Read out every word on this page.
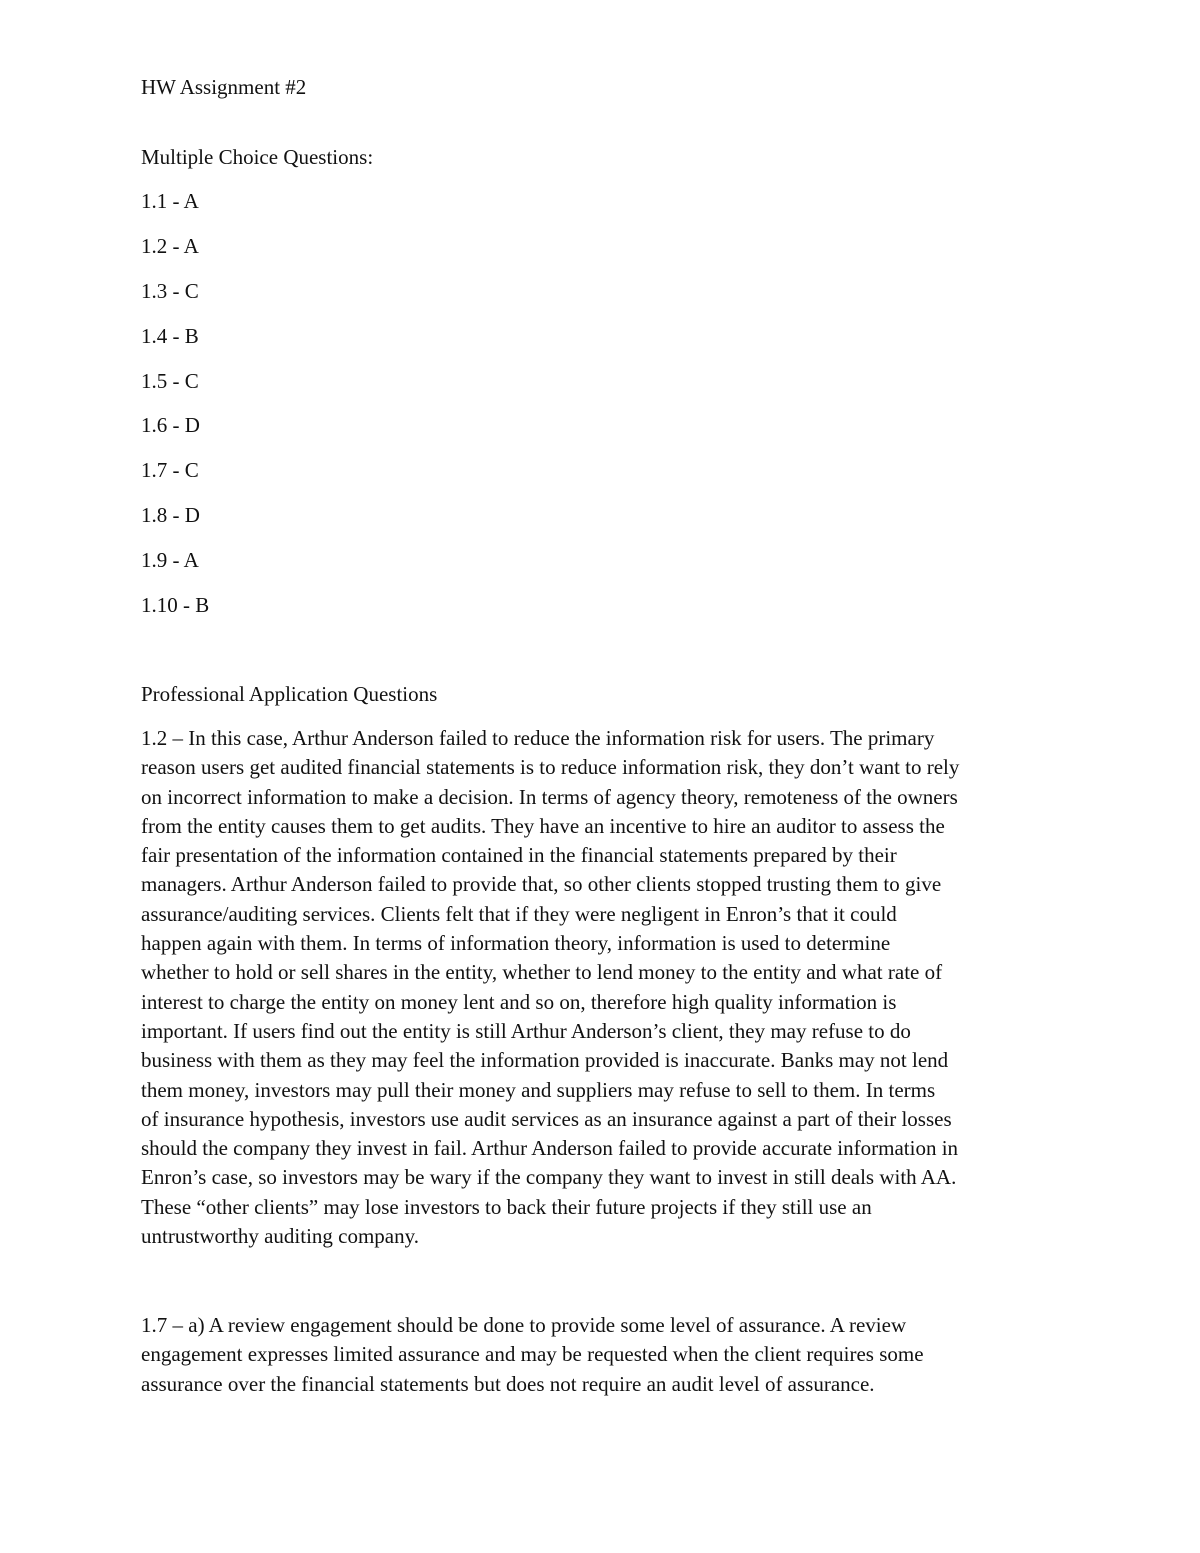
HW Assignment #2
Multiple Choice Questions:
1.1 - A
1.2 - A
1.3 - C
1.4 - B
1.5 - C
1.6 - D
1.7 - C
1.8 - D
1.9 - A
1.10 - B
Professional Application Questions

1.2 – In this case, Arthur Anderson failed to reduce the information risk for users. The primary
reason users get audited financial statements is to reduce information risk, they don’t want to rely
on incorrect information to make a decision. In terms of agency theory, remoteness of the owners
from the entity causes them to get audits. They have an incentive to hire an auditor to assess the
fair presentation of the information contained in the financial statements prepared by their
managers. Arthur Anderson failed to provide that, so other clients stopped trusting them to give
assurance/auditing services. Clients felt that if they were negligent in Enron’s that it could
happen again with them. In terms of information theory, information is used to determine
whether to hold or sell shares in the entity, whether to lend money to the entity and what rate of
interest to charge the entity on money lent and so on, therefore high quality information is
important. If users find out the entity is still Arthur Anderson’s client, they may refuse to do
business with them as they may feel the information provided is inaccurate. Banks may not lend
them money, investors may pull their money and suppliers may refuse to sell to them. In terms
of insurance hypothesis, investors use audit services as an insurance against a part of their losses
should the company they invest in fail. Arthur Anderson failed to provide accurate information in
Enron’s case, so investors may be wary if the company they want to invest in still deals with AA.
These “other clients” may lose investors to back their future projects if they still use an
untrustworthy auditing company.

1.7 – a) A review engagement should be done to provide some level of assurance. A review
engagement expresses limited assurance and may be requested when the client requires some
assurance over the financial statements but does not require an audit level of assurance.
